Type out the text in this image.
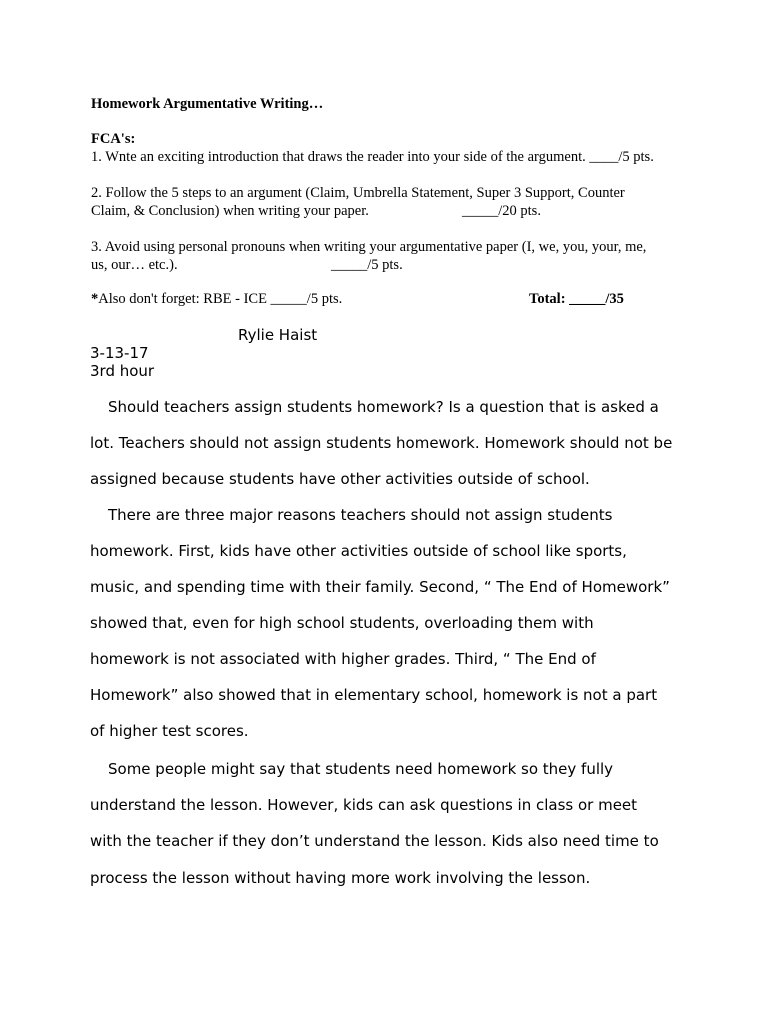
Homework Argumentative Writing…
FCA's:
1. Wnte an exciting introduction that draws the reader into your side of the argument. ____/5 pts.
2. Follow the 5 steps to an argument (Claim, Umbrella Statement, Super 3 Support, Counter
Claim, & Conclusion) when writing your paper.	_____/20 pts.
3. Avoid using personal pronouns when writing your argumentative paper (I, we, you, your, me,
us, our… etc.).	_____/5 pts.
*Also don't forget: RBE - ICE _____/5 pts.	Total: _____/35
Rylie Haist
3-13-17
3rd hour
Should teachers assign students homework? Is a question that is asked a
lot. Teachers should not assign students homework. Homework should not be
assigned because students have other activities outside of school.
There are three major reasons teachers should not assign students
homework. First, kids have other activities outside of school like sports,
music, and spending time with their family. Second, “ The End of Homework”
showed that, even for high school students, overloading them with
homework is not associated with higher grades. Third, “ The End of
Homework” also showed that in elementary school, homework is not a part
of higher test scores.
Some people might say that students need homework so they fully
understand the lesson. However, kids can ask questions in class or meet
with the teacher if they don’t understand the lesson. Kids also need time to
process the lesson without having more work involving the lesson.
